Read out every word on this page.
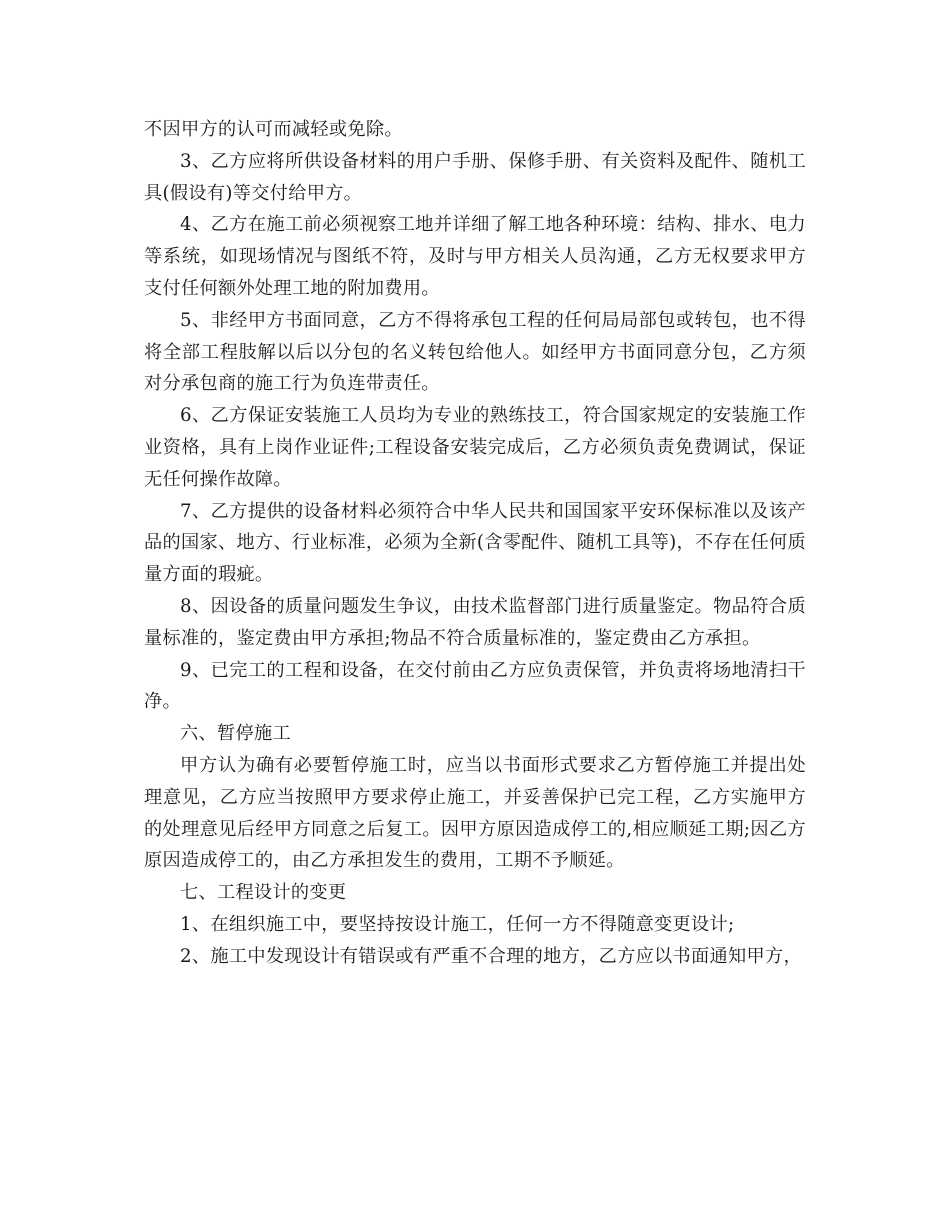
不因甲方的认可而减轻或免除。

3、乙方应将所供设备材料的用户手册、保修手册、有关资料及配件、随机工具(假设有)等交付给甲方。

4、乙方在施工前必须视察工地并详细了解工地各种环境：结构、排水、电力等系统，如现场情况与图纸不符，及时与甲方相关人员沟通，乙方无权要求甲方支付任何额外处理工地的附加费用。

5、非经甲方书面同意，乙方不得将承包工程的任何局局部包或转包，也不得将全部工程肢解以后以分包的名义转包给他人。如经甲方书面同意分包，乙方须对分承包商的施工行为负连带责任。

6、乙方保证安装施工人员均为专业的熟练技工，符合国家规定的安装施工作业资格，具有上岗作业证件;工程设备安装完成后，乙方必须负责免费调试，保证无任何操作故障。

7、乙方提供的设备材料必须符合中华人民共和国国家平安环保标准以及该产品的国家、地方、行业标准，必须为全新(含零配件、随机工具等)，不存在任何质量方面的瑕疵。

8、因设备的质量问题发生争议，由技术监督部门进行质量鉴定。物品符合质量标准的，鉴定费由甲方承担;物品不符合质量标准的，鉴定费由乙方承担。

9、已完工的工程和设备，在交付前由乙方应负责保管，并负责将场地清扫干净。

六、暂停施工

甲方认为确有必要暂停施工时，应当以书面形式要求乙方暂停施工并提出处理意见，乙方应当按照甲方要求停止施工，并妥善保护已完工程，乙方实施甲方的处理意见后经甲方同意之后复工。因甲方原因造成停工的,相应顺延工期;因乙方原因造成停工的，由乙方承担发生的费用，工期不予顺延。

七、工程设计的变更

1、在组织施工中，要坚持按设计施工，任何一方不得随意变更设计;

2、施工中发现设计有错误或有严重不合理的地方，乙方应以书面通知甲方，
